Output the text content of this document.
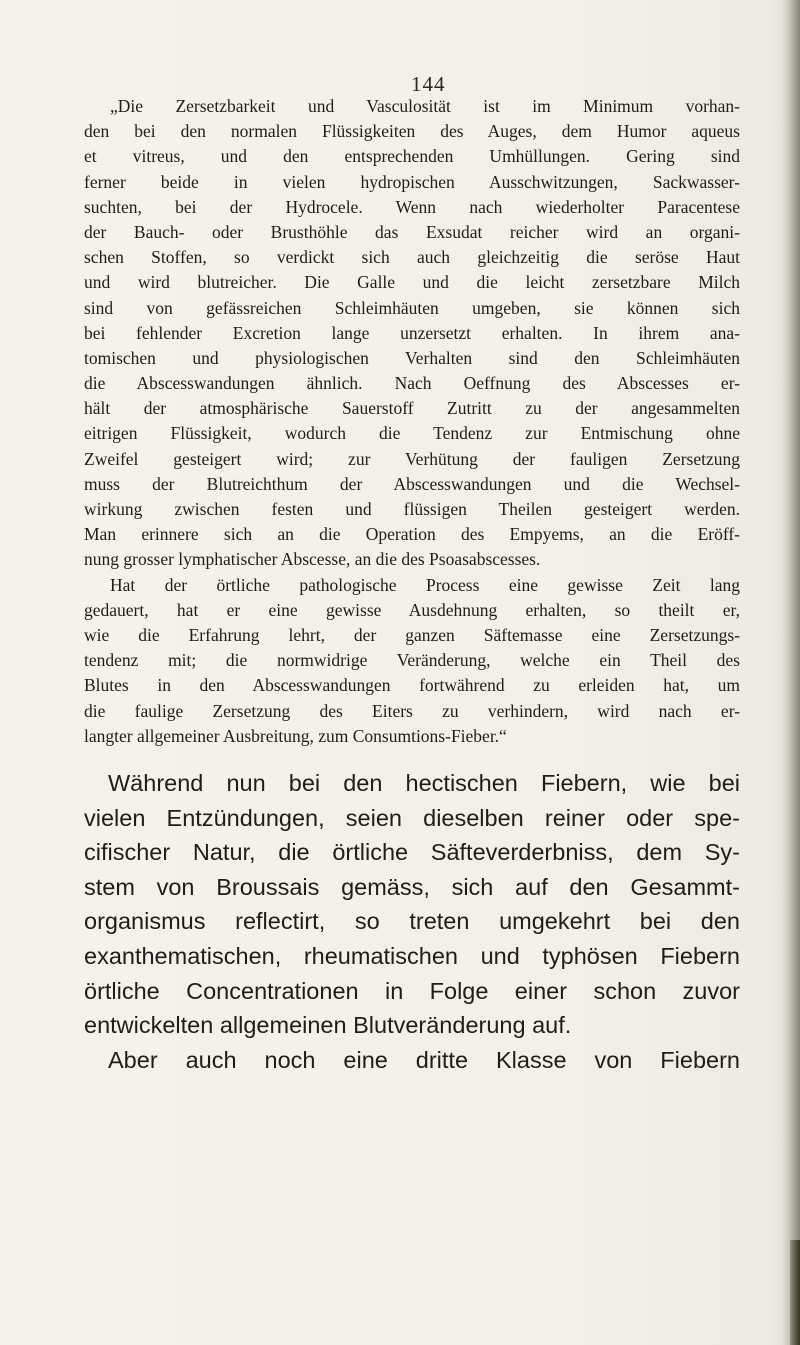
144
„Die Zersetzbarkeit und Vasculosität ist im Minimum vorhan-
den bei den normalen Flüssigkeiten des Auges, dem Humor aqueus
et vitreus, und den entsprechenden Umhüllungen. Gering sind
ferner beide in vielen hydropischen Ausschwitzungen, Sackwasser-
suchten, bei der Hydrocele. Wenn nach wiederholter Paracentese
der Bauch- oder Brusthöhle das Exsudat reicher wird an organi-
schen Stoffen, so verdickt sich auch gleichzeitig die seröse Haut
und wird blutreicher. Die Galle und die leicht zersetzbare Milch
sind von gefässreichen Schleimhäuten umgeben, sie können sich
bei fehlender Excretion lange unzersetzt erhalten. In ihrem ana-
tomischen und physiologischen Verhalten sind den Schleimhäuten
die Abscesswandungen ähnlich. Nach Oeffnung des Abscesses er-
hält der atmosphärische Sauerstoff Zutritt zu der angesammelten
eitrigen Flüssigkeit, wodurch die Tendenz zur Entmischung ohne
Zweifel gesteigert wird; zur Verhütung der fauligen Zersetzung
muss der Blutreichthum der Abscesswandungen und die Wechsel-
wirkung zwischen festen und flüssigen Theilen gesteigert werden.
Man erinnere sich an die Operation des Empyems, an die Eröff-
nung grosser lymphatischer Abscesse, an die des Psoasabscesses.
Hat der örtliche pathologische Process eine gewisse Zeit lang
gedauert, hat er eine gewisse Ausdehnung erhalten, so theilt er,
wie die Erfahrung lehrt, der ganzen Säftemasse eine Zersetzungs-
tendenz mit; die normwidrige Veränderung, welche ein Theil des
Blutes in den Abscesswandungen fortwährend zu erleiden hat, um
die faulige Zersetzung des Eiters zu verhindern, wird nach er-
langter allgemeiner Ausbreitung, zum Consumtions-Fieber.“
Während nun bei den hectischen Fiebern, wie bei
vielen Entzündungen, seien dieselben reiner oder spe-
cifischer Natur, die örtliche Säfteverderbniss, dem Sy-
stem von Broussais gemäss, sich auf den Gesammt-
organismus reflectirt, so treten umgekehrt bei den
exanthematischen, rheumatischen und typhösen Fiebern
örtliche Concentrationen in Folge einer schon zuvor
entwickelten allgemeinen Blutveränderung auf.
Aber auch noch eine dritte Klasse von Fiebern
